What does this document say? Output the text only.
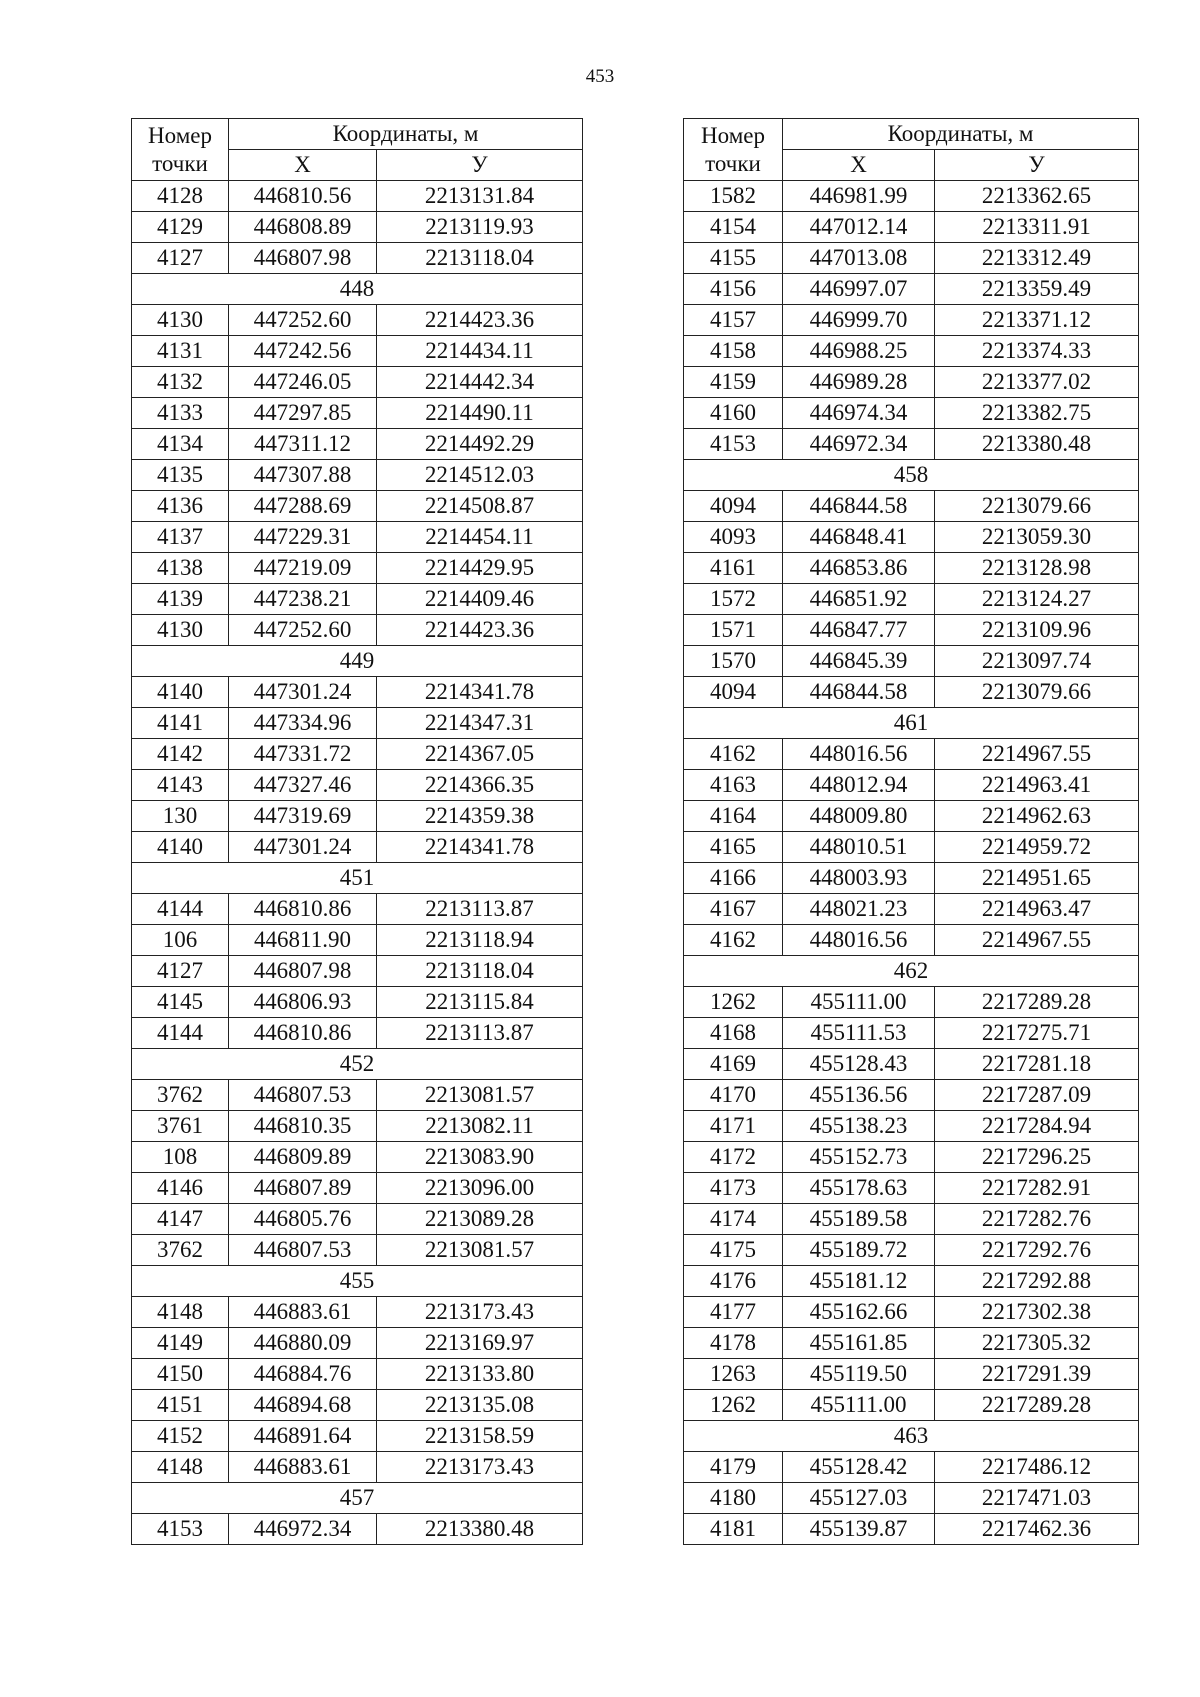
453
Номер точки	Координаты, м	
	X	У
4128	446810.56	2213131.84
4129	446808.89	2213119.93
4127	446807.98	2213118.04
448		
4130	447252.60	2214423.36
4131	447242.56	2214434.11
4132	447246.05	2214442.34
4133	447297.85	2214490.11
4134	447311.12	2214492.29
4135	447307.88	2214512.03
4136	447288.69	2214508.87
4137	447229.31	2214454.11
4138	447219.09	2214429.95
4139	447238.21	2214409.46
4130	447252.60	2214423.36
449		
4140	447301.24	2214341.78
4141	447334.96	2214347.31
4142	447331.72	2214367.05
4143	447327.46	2214366.35
130	447319.69	2214359.38
4140	447301.24	2214341.78
451		
4144	446810.86	2213113.87
106	446811.90	2213118.94
4127	446807.98	2213118.04
4145	446806.93	2213115.84
4144	446810.86	2213113.87
452		
3762	446807.53	2213081.57
3761	446810.35	2213082.11
108	446809.89	2213083.90
4146	446807.89	2213096.00
4147	446805.76	2213089.28
3762	446807.53	2213081.57
455		
4148	446883.61	2213173.43
4149	446880.09	2213169.97
4150	446884.76	2213133.80
4151	446894.68	2213135.08
4152	446891.64	2213158.59
4148	446883.61	2213173.43
457		
4153	446972.34	2213380.48
Номер точки	Координаты, м	
	X	У
1582	446981.99	2213362.65
4154	447012.14	2213311.91
4155	447013.08	2213312.49
4156	446997.07	2213359.49
4157	446999.70	2213371.12
4158	446988.25	2213374.33
4159	446989.28	2213377.02
4160	446974.34	2213382.75
4153	446972.34	2213380.48
458		
4094	446844.58	2213079.66
4093	446848.41	2213059.30
4161	446853.86	2213128.98
1572	446851.92	2213124.27
1571	446847.77	2213109.96
1570	446845.39	2213097.74
4094	446844.58	2213079.66
461		
4162	448016.56	2214967.55
4163	448012.94	2214963.41
4164	448009.80	2214962.63
4165	448010.51	2214959.72
4166	448003.93	2214951.65
4167	448021.23	2214963.47
4162	448016.56	2214967.55
462		
1262	455111.00	2217289.28
4168	455111.53	2217275.71
4169	455128.43	2217281.18
4170	455136.56	2217287.09
4171	455138.23	2217284.94
4172	455152.73	2217296.25
4173	455178.63	2217282.91
4174	455189.58	2217282.76
4175	455189.72	2217292.76
4176	455181.12	2217292.88
4177	455162.66	2217302.38
4178	455161.85	2217305.32
1263	455119.50	2217291.39
1262	455111.00	2217289.28
463		
4179	455128.42	2217486.12
4180	455127.03	2217471.03
4181	455139.87	2217462.36
